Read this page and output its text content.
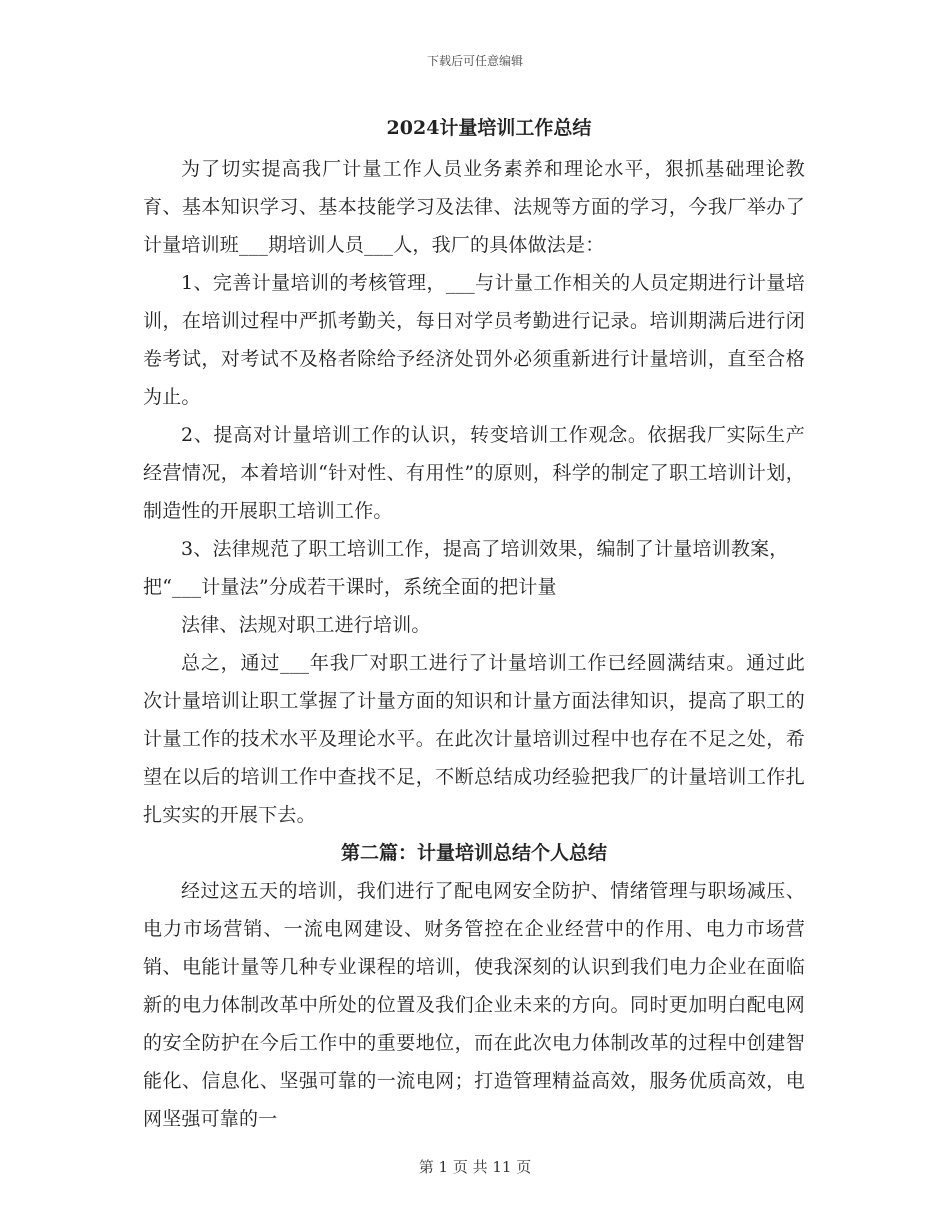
下载后可任意编辑
2024计量培训工作总结

为了切实提高我厂计量工作人员业务素养和理论水平，狠抓基础理论教育、基本知识学习、基本技能学习及法律、法规等方面的学习，今我厂举办了计量培训班___期培训人员___人，我厂的具体做法是：

1、完善计量培训的考核管理，___与计量工作相关的人员定期进行计量培训，在培训过程中严抓考勤关，每日对学员考勤进行记录。培训期满后进行闭卷考试，对考试不及格者除给予经济处罚外必须重新进行计量培训，直至合格为止。

2、提高对计量培训工作的认识，转变培训工作观念。依据我厂实际生产经营情况，本着培训“针对性、有用性”的原则，科学的制定了职工培训计划，制造性的开展职工培训工作。

3、法律规范了职工培训工作，提高了培训效果，编制了计量培训教案，把“___计量法”分成若干课时，系统全面的把计量

法律、法规对职工进行培训。

总之，通过___年我厂对职工进行了计量培训工作已经圆满结束。通过此次计量培训让职工掌握了计量方面的知识和计量方面法律知识，提高了职工的计量工作的技术水平及理论水平。在此次计量培训过程中也存在不足之处，希望在以后的培训工作中查找不足，不断总结成功经验把我厂的计量培训工作扎扎实实的开展下去。

第二篇：计量培训总结个人总结

经过这五天的培训，我们进行了配电网安全防护、情绪管理与职场减压、电力市场营销、一流电网建设、财务管控在企业经营中的作用、电力市场营销、电能计量等几种专业课程的培训，使我深刻的认识到我们电力企业在面临新的电力体制改革中所处的位置及我们企业未来的方向。同时更加明白配电网的安全防护在今后工作中的重要地位，而在此次电力体制改革的过程中创建智能化、信息化、坚强可靠的一流电网；打造管理精益高效，服务优质高效，电网坚强可靠的一

第 1 页 共 11 页
